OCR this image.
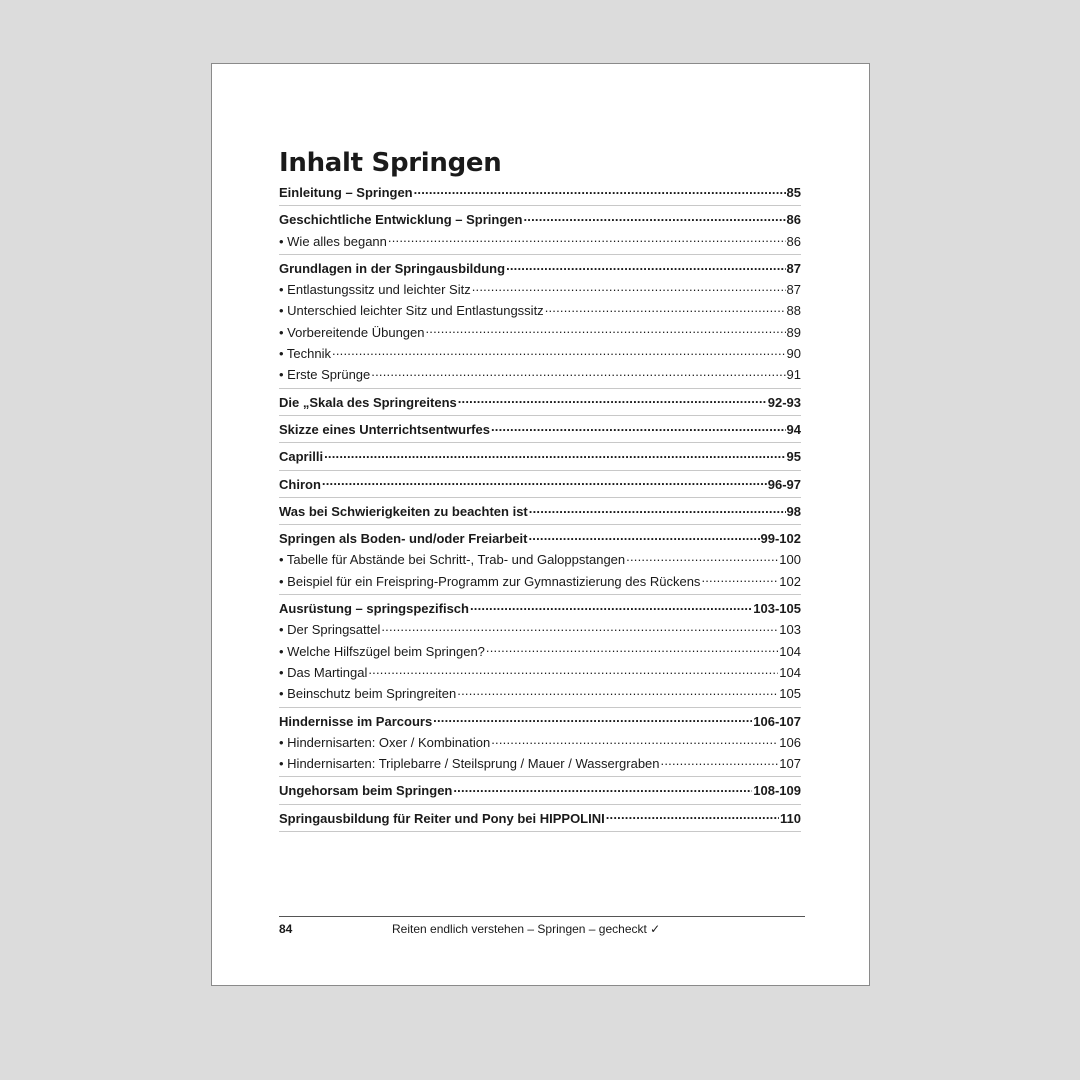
Inhalt Springen
Einleitung – Springen .....	85
Geschichtliche Entwicklung – Springen .....	86
• Wie alles begann .....	86
Grundlagen in der Springausbildung .....	87
• Entlastungssitz und leichter Sitz .....	87
• Unterschied leichter Sitz und Entlastungssitz .....	88
• Vorbereitende Übungen .....	89
• Technik .....	90
• Erste Sprünge .....	91
Die „Skala des Springreitens .....	92-93
Skizze eines Unterrichtsentwurfes .....	94
Caprilli .....	95
Chiron .....	96-97
Was bei Schwierigkeiten zu beachten ist .....	98
Springen als Boden- und/oder Freiarbeit .....	99-102
• Tabelle für Abstände bei Schritt-, Trab- und Galoppstangen .....	100
• Beispiel für ein Freispring-Programm zur Gymnastizierung des Rückens .....	102
Ausrüstung – springspezifisch .....	103-105
• Der Springsattel .....	103
• Welche Hilfszügel beim Springen? .....	104
• Das Martingal .....	104
• Beinschutz beim Springreiten .....	105
Hindernisse im Parcours .....	106-107
• Hindernisarten: Oxer / Kombination .....	106
• Hindernisarten: Triplebarre / Steilsprung / Mauer / Wassergraben .....	107
Ungehorsam beim Springen .....	108-109
Springausbildung für Reiter und Pony bei HIPPOLINI .....	110
84	Reiten endlich verstehen – Springen – gecheckt ✓
